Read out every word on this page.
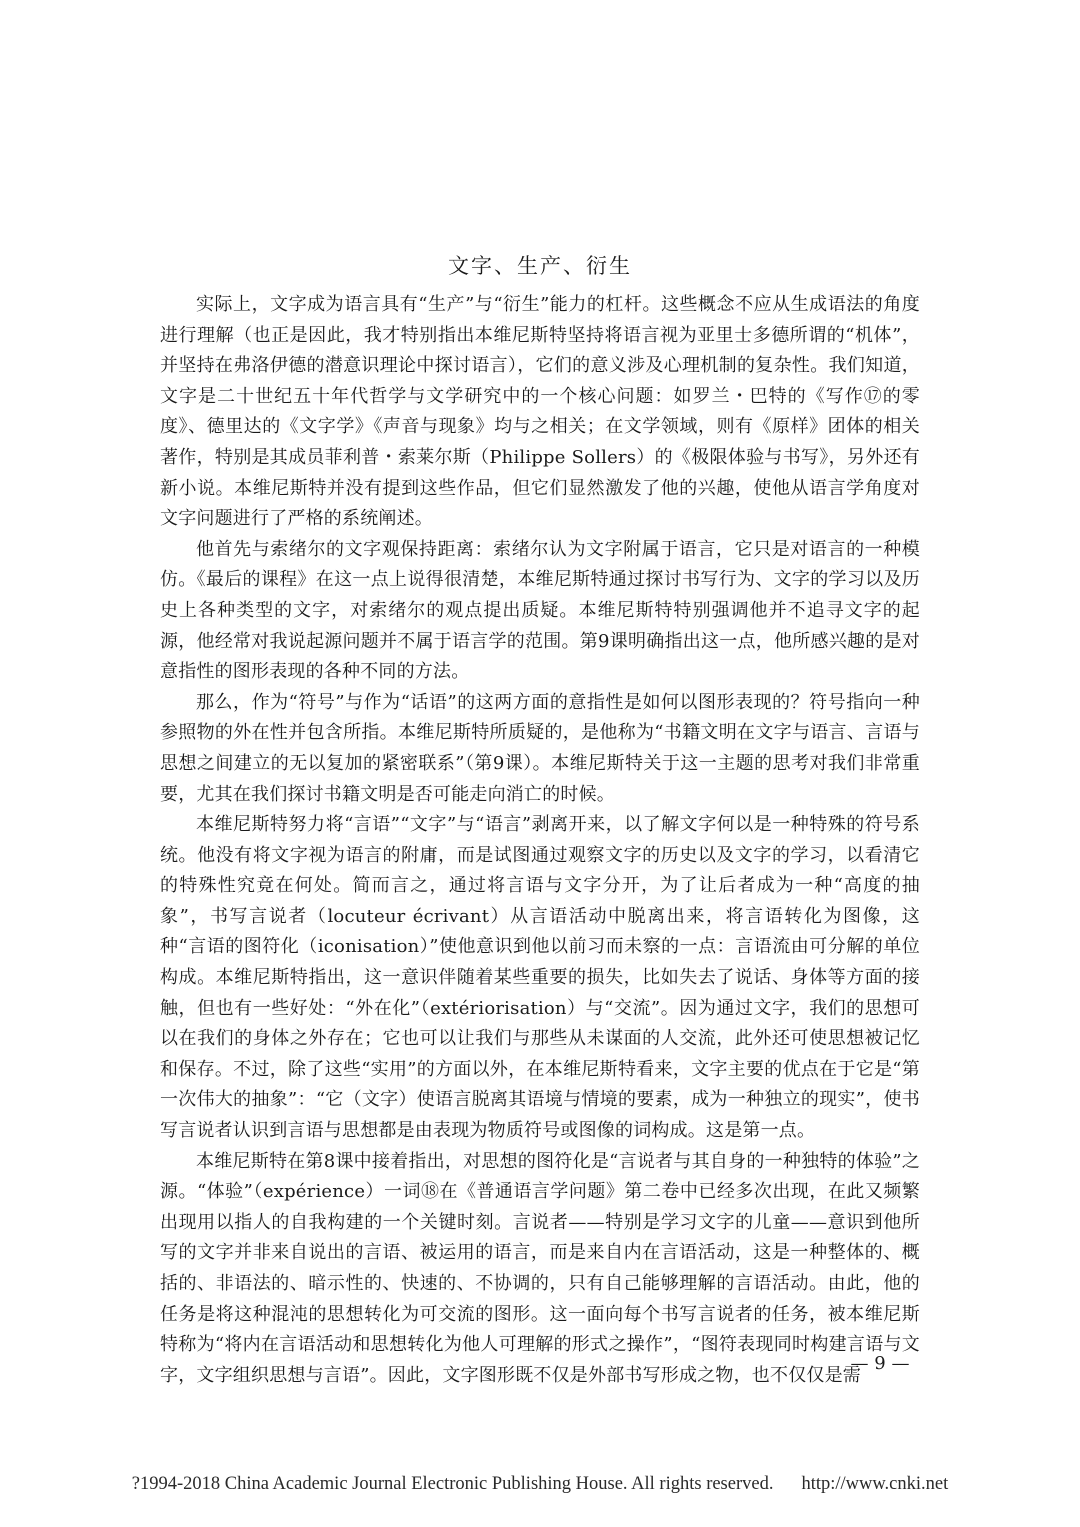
文字、生产、衍生

实际上，文字成为语言具有“生产”与“衍生”能力的杠杆。这些概念不应从生成语法的角度进行理解（也正是因此，我才特别指出本维尼斯特坚持将语言视为亚里士多德所谓的“机体”，并坚持在弗洛伊德的潜意识理论中探讨语言），它们的意义涉及心理机制的复杂性。我们知道，文字是二十世纪五十年代哲学与文学研究中的一个核心问题：如罗兰・巴特的《写作⑰的零度》、德里达的《文字学》《声音与现象》均与之相关；在文学领域，则有《原样》团体的相关著作，特别是其成员菲利普・索莱尔斯（Philippe Sollers）的《极限体验与书写》，另外还有新小说。本维尼斯特并没有提到这些作品，但它们显然激发了他的兴趣，使他从语言学角度对文字问题进行了严格的系统阐述。

他首先与索绪尔的文字观保持距离：索绪尔认为文字附属于语言，它只是对语言的一种模仿。《最后的课程》在这一点上说得很清楚，本维尼斯特通过探讨书写行为、文字的学习以及历史上各种类型的文字，对索绪尔的观点提出质疑。本维尼斯特特别强调他并不追寻文字的起源，他经常对我说起源问题并不属于语言学的范围。第9课明确指出这一点，他所感兴趣的是对意指性的图形表现的各种不同的方法。

那么，作为“符号”与作为“话语”的这两方面的意指性是如何以图形表现的？符号指向一种参照物的外在性并包含所指。本维尼斯特所质疑的，是他称为“书籍文明在文字与语言、言语与思想之间建立的无以复加的紧密联系”（第9课）。本维尼斯特关于这一主题的思考对我们非常重要，尤其在我们探讨书籍文明是否可能走向消亡的时候。

本维尼斯特努力将“言语”“文字”与“语言”剥离开来，以了解文字何以是一种特殊的符号系统。他没有将文字视为语言的附庸，而是试图通过观察文字的历史以及文字的学习，以看清它的特殊性究竟在何处。简而言之，通过将言语与文字分开，为了让后者成为一种“高度的抽象”，书写言说者（locuteur écrivant）从言语活动中脱离出来，将言语转化为图像，这种“言语的图符化（iconisation）”使他意识到他以前习而未察的一点：言语流由可分解的单位构成。本维尼斯特指出，这一意识伴随着某些重要的损失，比如失去了说话、身体等方面的接触，但也有一些好处：“外在化”（extériorisation）与“交流”。因为通过文字，我们的思想可以在我们的身体之外存在；它也可以让我们与那些从未谋面的人交流，此外还可使思想被记忆和保存。不过，除了这些“实用”的方面以外，在本维尼斯特看来，文字主要的优点在于它是“第一次伟大的抽象”：“它（文字）使语言脱离其语境与情境的要素，成为一种独立的现实”，使书写言说者认识到言语与思想都是由表现为物质符号或图像的词构成。这是第一点。

本维尼斯特在第8课中接着指出，对思想的图符化是“言说者与其自身的一种独特的体验”之源。“体验”（expérience）一词⑱在《普通语言学问题》第二卷中已经多次出现，在此又频繁出现用以指人的自我构建的一个关键时刻。言说者——特别是学习文字的儿童——意识到他所写的文字并非来自说出的言语、被运用的语言，而是来自内在言语活动，这是一种整体的、概括的、非语法的、暗示性的、快速的、不协调的，只有自己能够理解的言语活动。由此，他的任务是将这种混沌的思想转化为可交流的图形。这一面向每个书写言说者的任务，被本维尼斯特称为“将内在言语活动和思想转化为他人可理解的形式之操作”，“图符表现同时构建言语与文字，文字组织思想与言语”。因此，文字图形既不仅是外部书写形成之物，也不仅仅是需

— 9 —
?1994-2018 China Academic Journal Electronic Publishing House. All rights reserved. http://www.cnki.net
